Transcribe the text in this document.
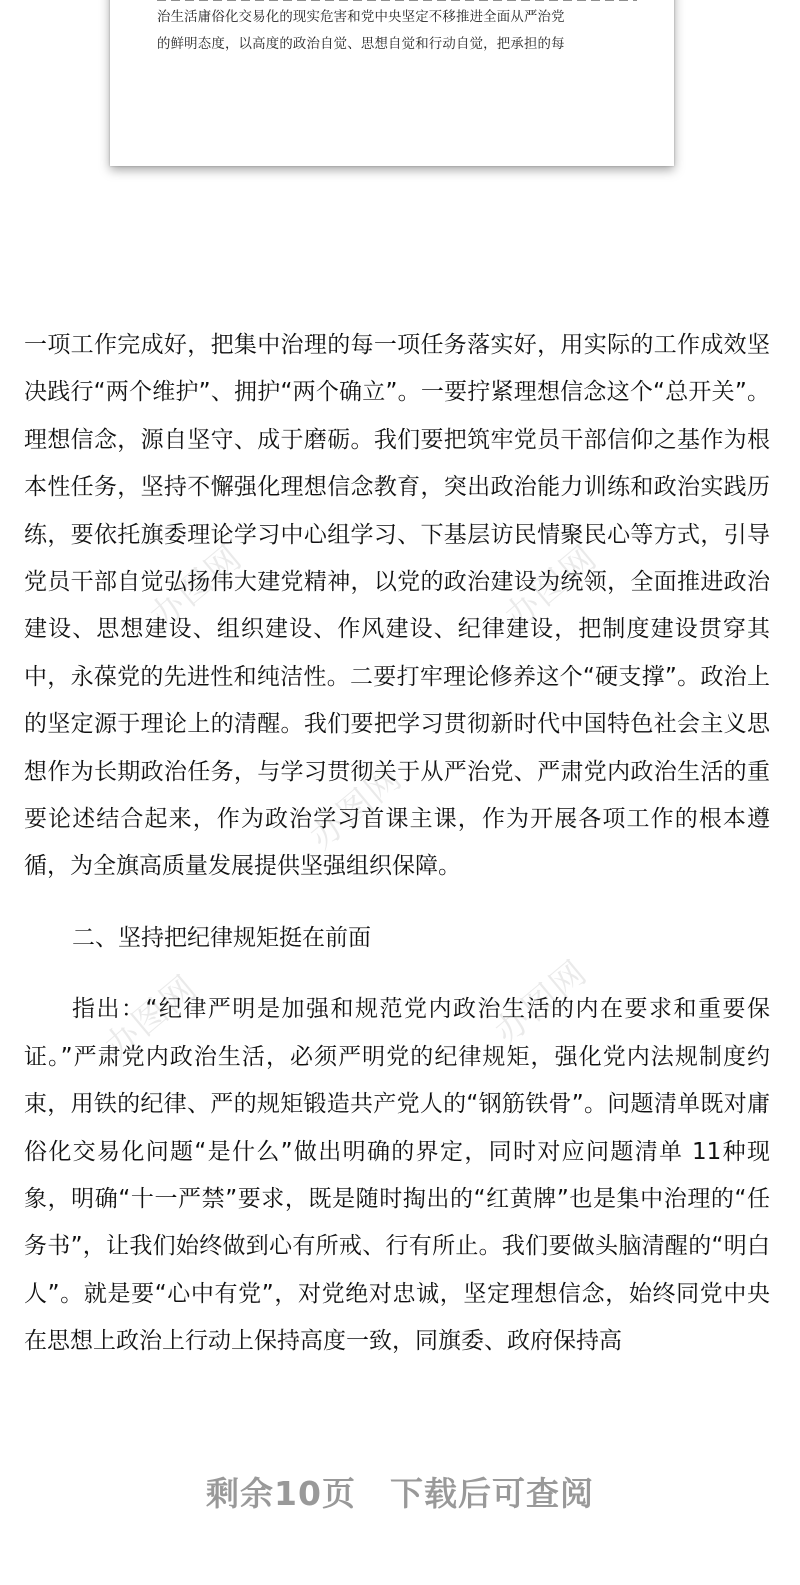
治生活庸俗化交易化的现实危害和党中央坚定不移推进全面从严治党
的鲜明态度，以高度的政治自觉、思想自觉和行动自觉，把承担的每
办图网	办图网
办图网
办图网	办图网

一项工作完成好，把集中治理的每一项任务落实好，用实际的工作成效坚决践行“两个维护”、拥护“两个确立”。一要拧紧理想信念这个“总开关”。理想信念，源自坚守、成于磨砺。我们要把筑牢党员干部信仰之基作为根本性任务，坚持不懈强化理想信念教育，突出政治能力训练和政治实践历练，要依托旗委理论学习中心组学习、下基层访民情聚民心等方式，引导党员干部自觉弘扬伟大建党精神，以党的政治建设为统领，全面推进政治建设、思想建设、组织建设、作风建设、纪律建设，把制度建设贯穿其中，永葆党的先进性和纯洁性。二要打牢理论修养这个“硬支撑”。政治上的坚定源于理论上的清醒。我们要把学习贯彻新时代中国特色社会主义思想作为长期政治任务，与学习贯彻关于从严治党、严肃党内政治生活的重要论述结合起来，作为政治学习首课主课，作为开展各项工作的根本遵循，为全旗高质量发展提供坚强组织保障。

二、坚持把纪律规矩挺在前面

指出：“纪律严明是加强和规范党内政治生活的内在要求和重要保证。”严肃党内政治生活，必须严明党的纪律规矩，强化党内法规制度约束，用铁的纪律、严的规矩锻造共产党人的“钢筋铁骨”。问题清单既对庸俗化交易化问题“是什么”做出明确的界定，同时对应问题清单 11种现象，明确“十一严禁”要求，既是随时掏出的“红黄牌”也是集中治理的“任务书”，让我们始终做到心有所戒、行有所止。我们要做头脑清醒的“明白人”。就是要“心中有党”，对党绝对忠诚，坚定理想信念，始终同党中央在思想上政治上行动上保持高度一致，同旗委、政府保持高

剩余10页　下载后可查阅
